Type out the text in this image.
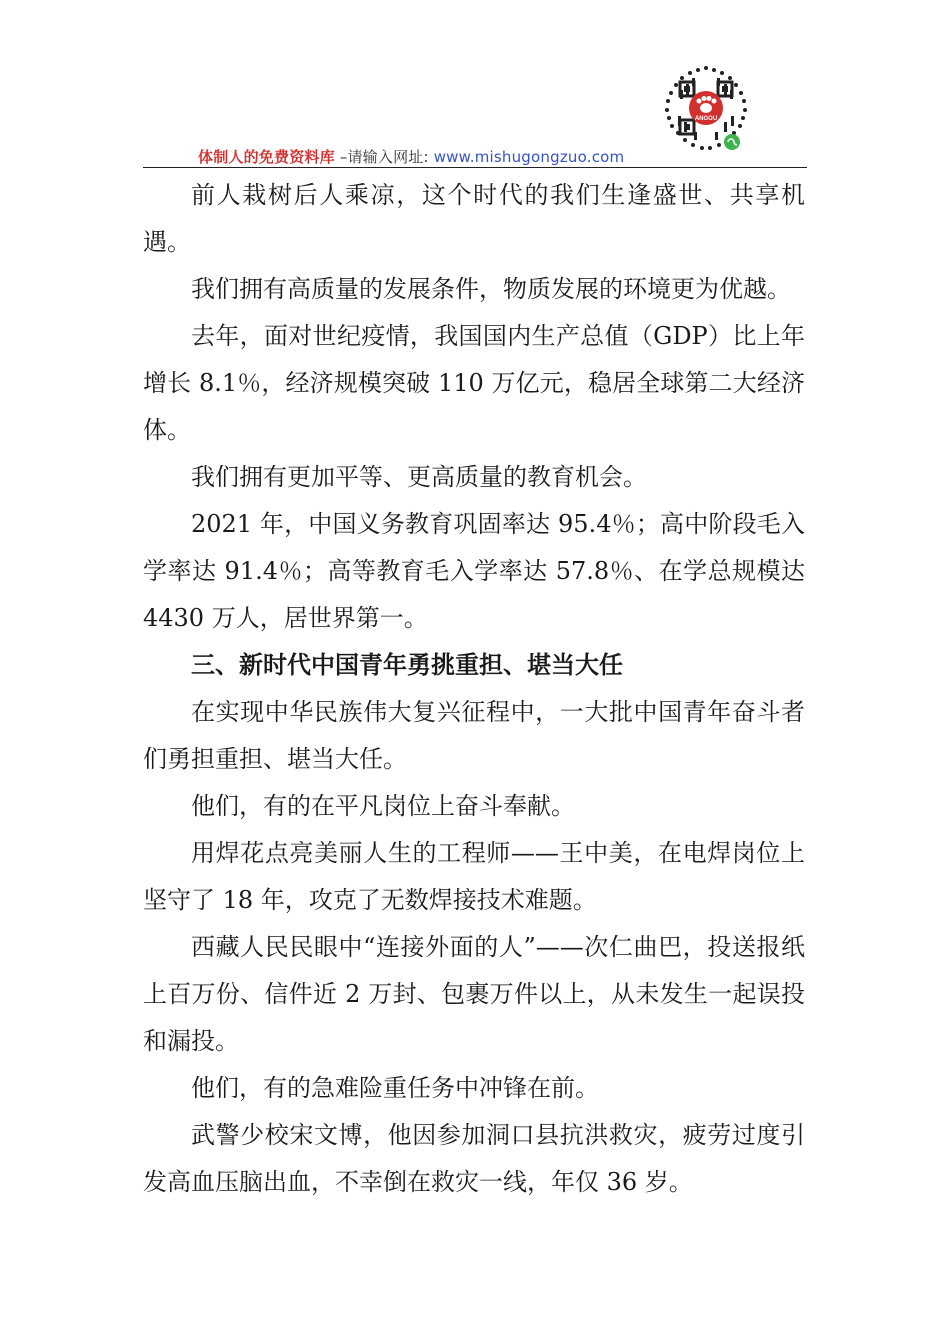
ANGOU
体制人的免费资料库 –请输入网址: www.mishugongzuo.com

前人栽树后人乘凉，这个时代的我们生逢盛世、共享机遇。

我们拥有高质量的发展条件，物质发展的环境更为优越。

去年，面对世纪疫情，我国国内生产总值（GDP）比上年增长 8.1％，经济规模突破 110 万亿元，稳居全球第二大经济体。

我们拥有更加平等、更高质量的教育机会。

2021 年，中国义务教育巩固率达 95.4％；高中阶段毛入学率达 91.4％；高等教育毛入学率达 57.8％、在学总规模达 4430 万人，居世界第一。

三、新时代中国青年勇挑重担、堪当大任

在实现中华民族伟大复兴征程中，一大批中国青年奋斗者们勇担重担、堪当大任。

他们，有的在平凡岗位上奋斗奉献。

用焊花点亮美丽人生的工程师——王中美，在电焊岗位上坚守了 18 年，攻克了无数焊接技术难题。

西藏人民民眼中“连接外面的人”——次仁曲巴，投送报纸上百万份、信件近 2 万封、包裹万件以上，从未发生一起误投和漏投。

他们，有的急难险重任务中冲锋在前。

武警少校宋文博，他因参加洞口县抗洪救灾，疲劳过度引发高血压脑出血，不幸倒在救灾一线，年仅 36 岁。
